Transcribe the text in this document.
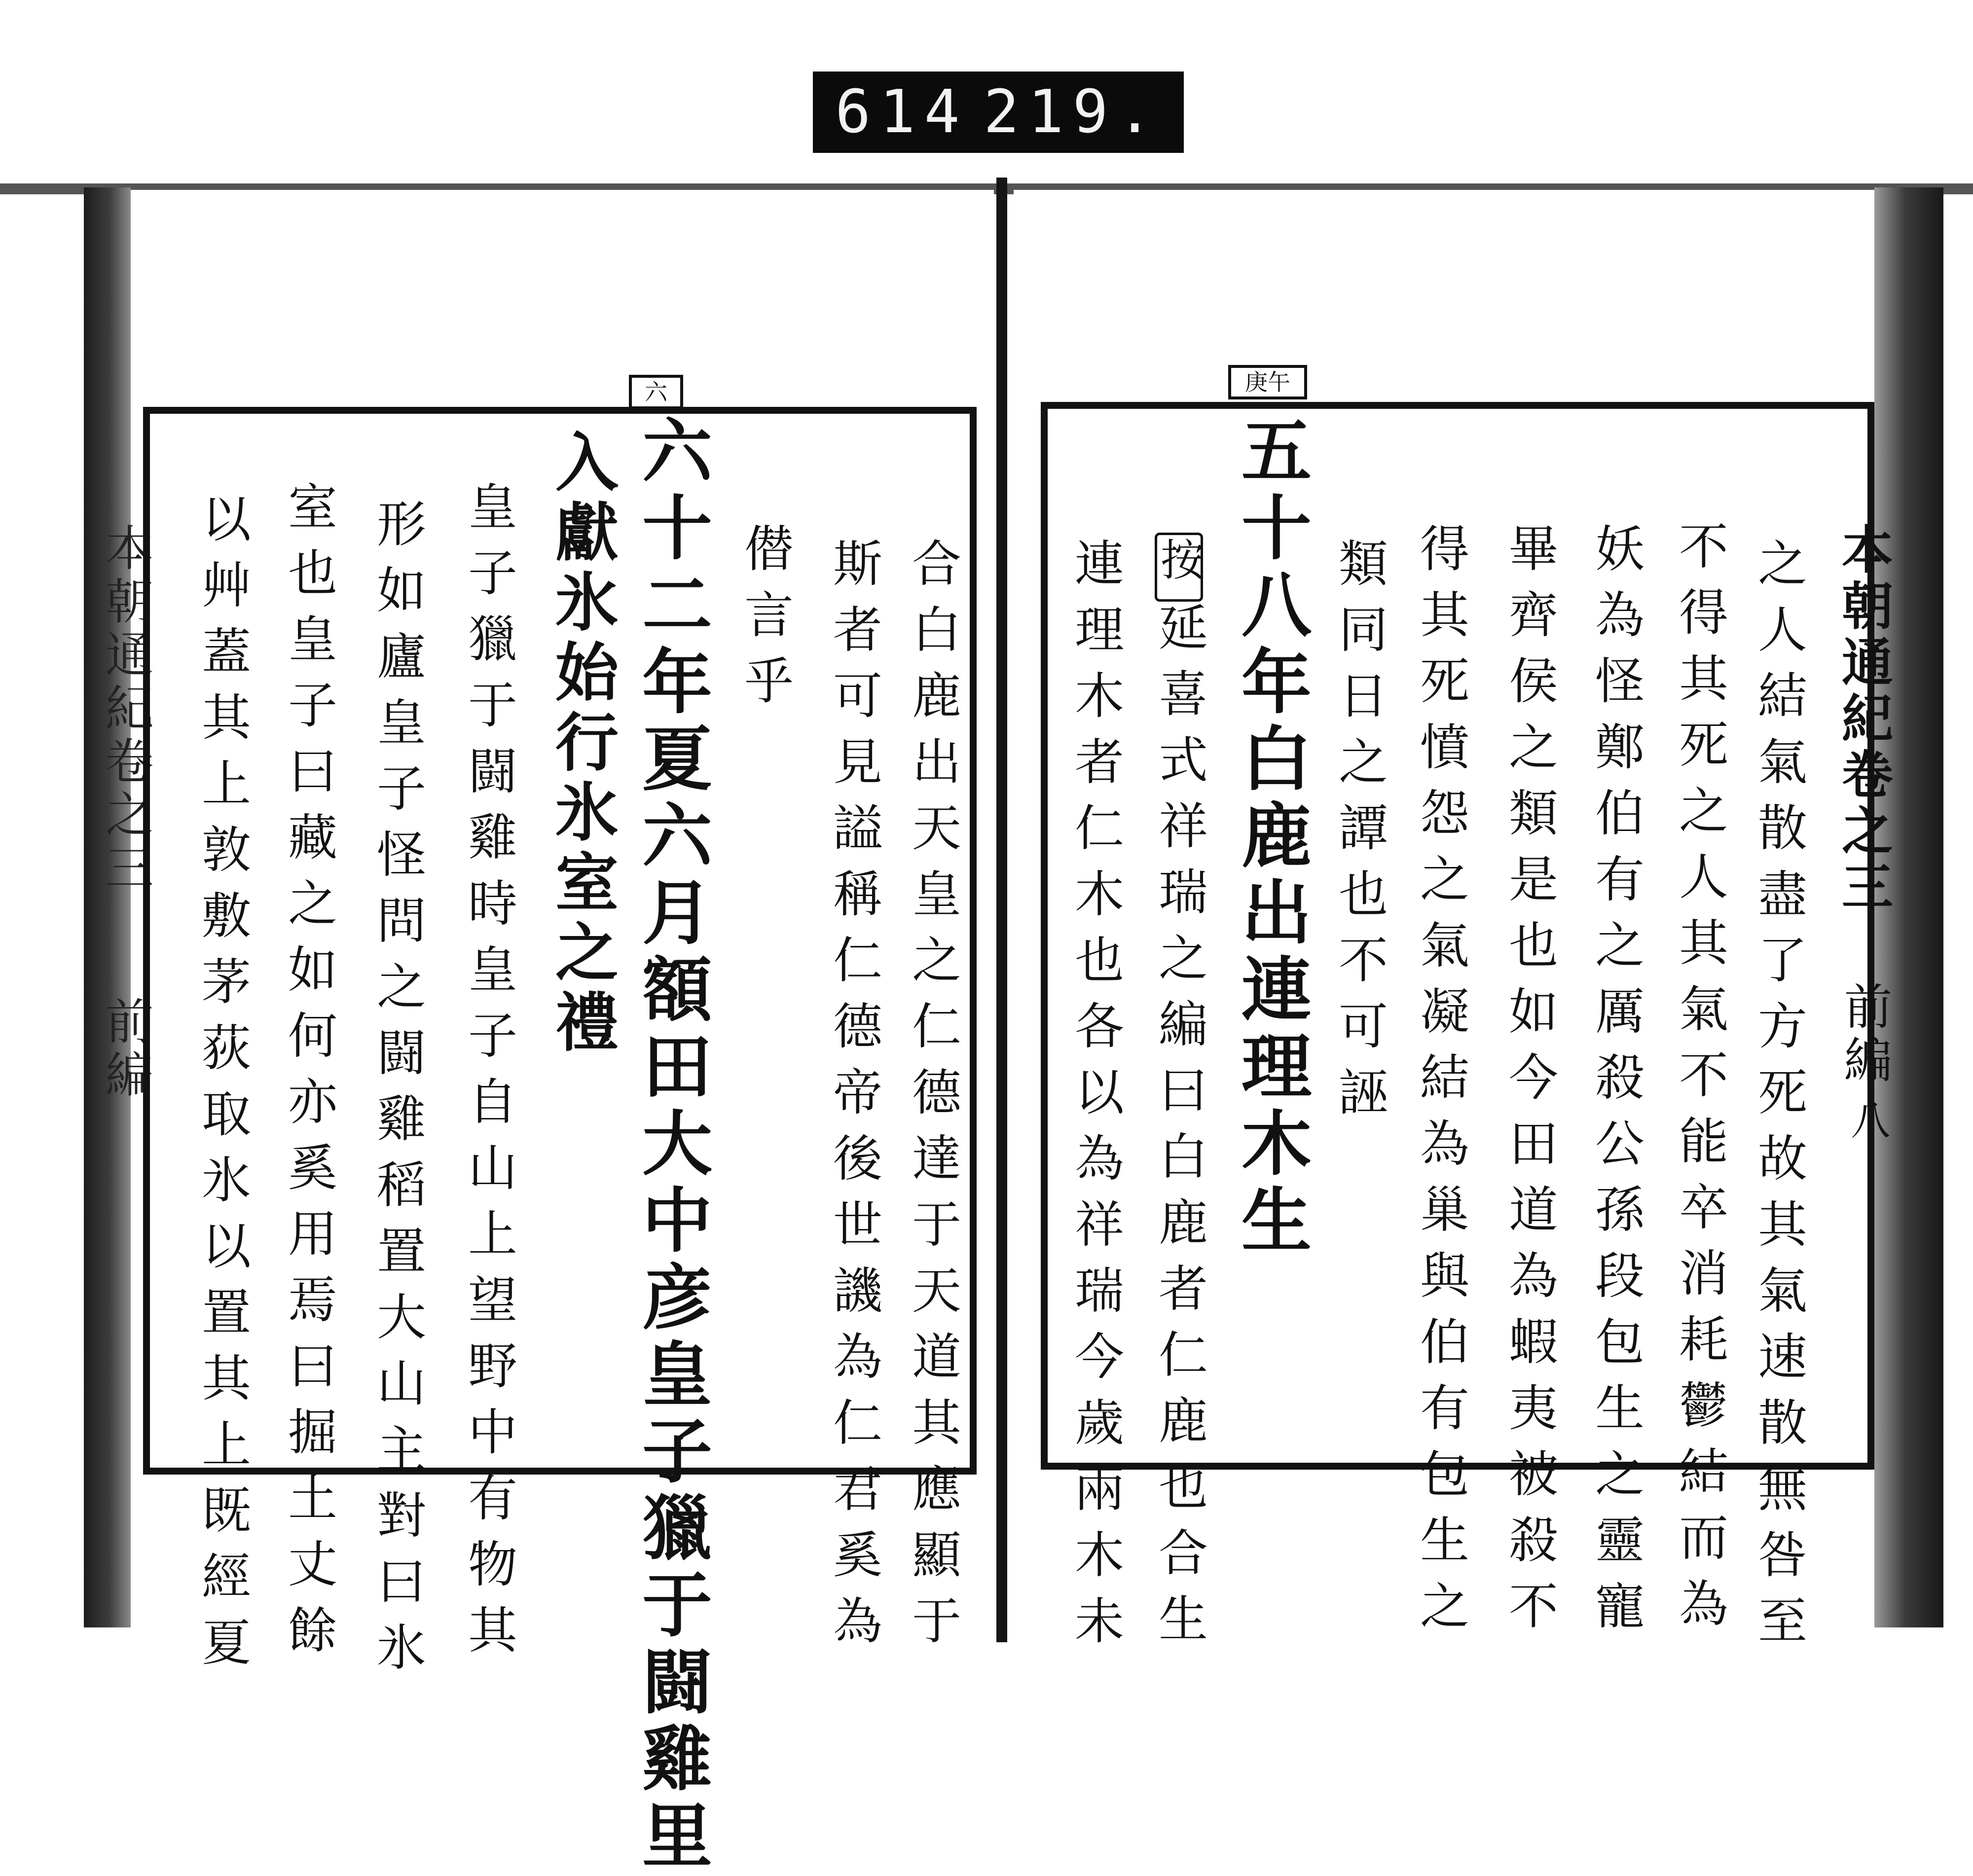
614 219.
本朝通紀卷之三
前編
六
合白鹿出天皇之仁德達于天道其應顯于
斯者可見謚稱仁德帝後世譏為仁君奚為
僣言乎
六十二年夏六月額田大中彦皇子獵于闘雞里
入獻氷始行氷室之禮
皇子獵于闘雞時皇子自山上望野中有物其
形如廬皇子怪問之闘雞稻置大山主對曰氷
室也皇子曰藏之如何亦奚用焉曰掘土丈餘
以艸蓋其上敦敷茅荻取氷以置其上既經夏
庚午
本朝通紀卷之三
前編
八
之人結氣散盡了方死故其氣速散無咎至
不得其死之人其氣不能卒消耗鬱結而為
妖為怪鄭伯有之厲殺公孫段包生之靈寵
畢齊侯之類是也如今田道為蝦夷被殺不
得其死憤怨之氣凝結為巢與伯有包生之
類同日之譚也不可誣
五十八年白鹿出連理木生
按
延喜式祥瑞之編曰白鹿者仁鹿也合生
連理木者仁木也各以為祥瑞今歲兩木未
